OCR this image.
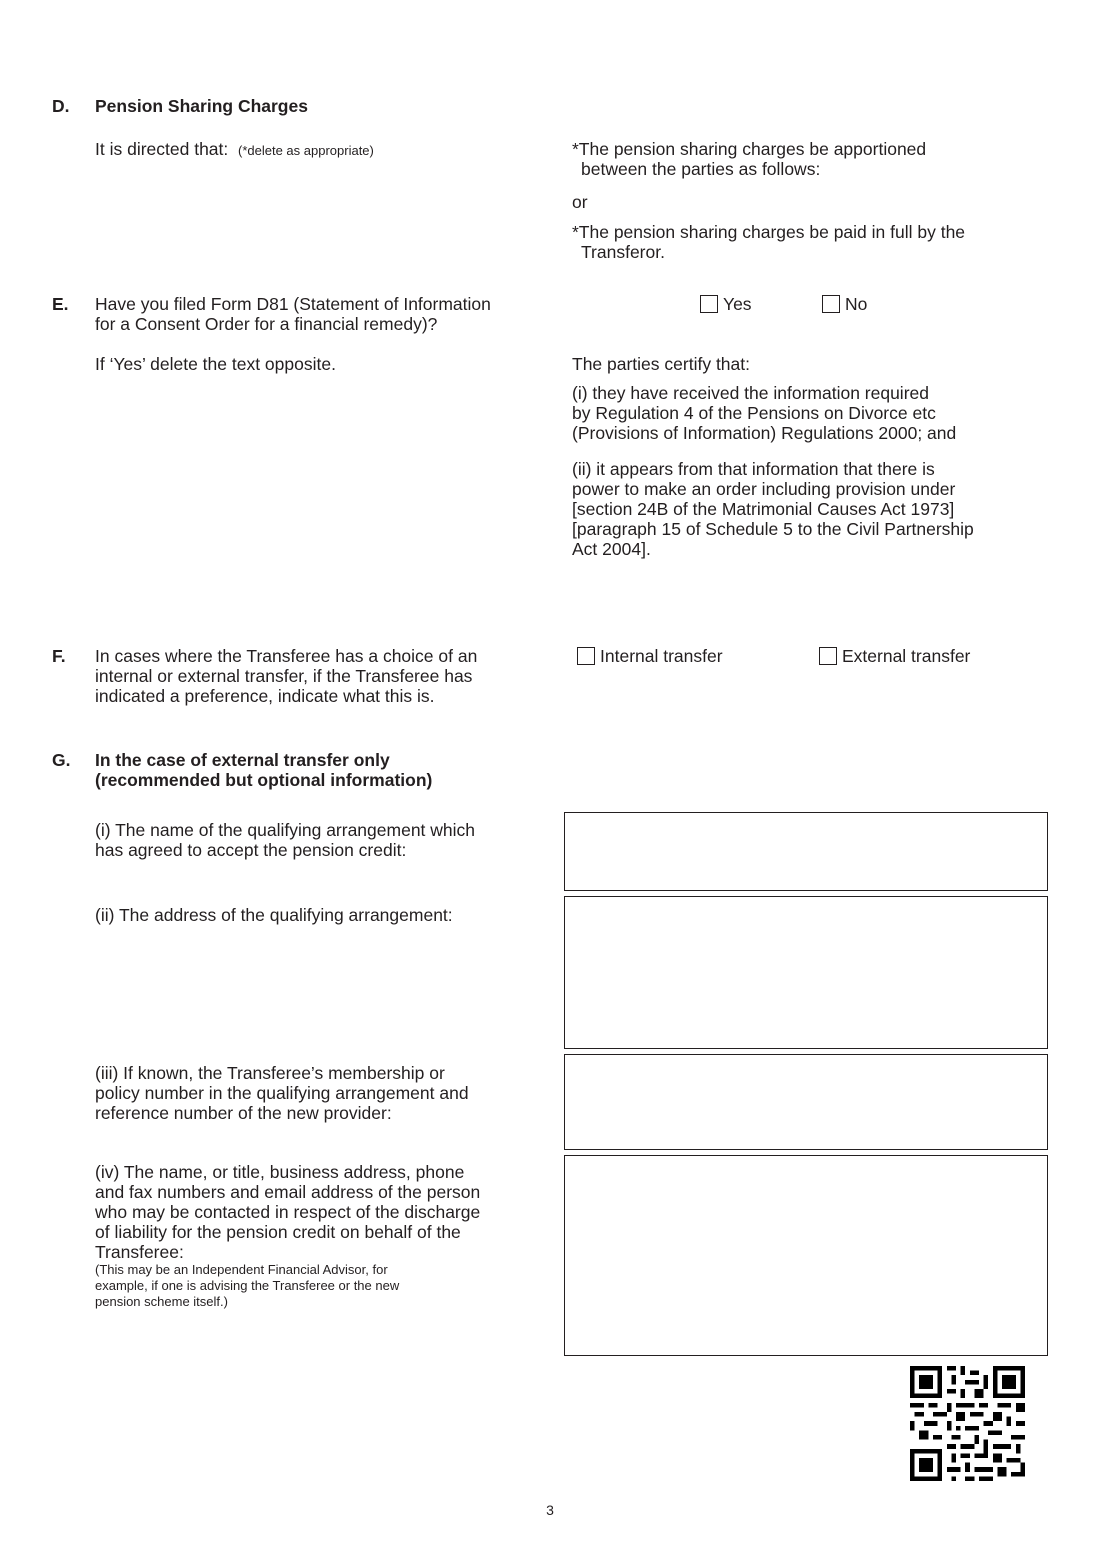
D. Pension Sharing Charges
It is directed that: (*delete as appropriate)	*The pension sharing charges be apportioned
between the parties as follows:
or
*The pension sharing charges be paid in full by the
Transferor.
E. Have you filed Form D81 (Statement of Information
for a Consent Order for a financial remedy)?
Yes	No
If ‘Yes’ delete the text opposite.	The parties certify that:
(i) they have received the information required
by Regulation 4 of the Pensions on Divorce etc
(Provisions of Information) Regulations 2000; and
(ii) it appears from that information that there is
power to make an order including provision under
[section 24B of the Matrimonial Causes Act 1973]
[paragraph 15 of Schedule 5 to the Civil Partnership
Act 2004].
F. In cases where the Transferee has a choice of an
internal or external transfer, if the Transferee has
indicated a preference, indicate what this is.
Internal transfer	External transfer
G. In the case of external transfer only
(recommended but optional information)
(i) The name of the qualifying arrangement which
has agreed to accept the pension credit:
(ii) The address of the qualifying arrangement:
(iii) If known, the Transferee’s membership or
policy number in the qualifying arrangement and
reference number of the new provider:
(iv) The name, or title, business address, phone
and fax numbers and email address of the person
who may be contacted in respect of the discharge
of liability for the pension credit on behalf of the
Transferee:
(This may be an Independent Financial Advisor, for
example, if one is advising the Transferee or the new
pension scheme itself.)
3
